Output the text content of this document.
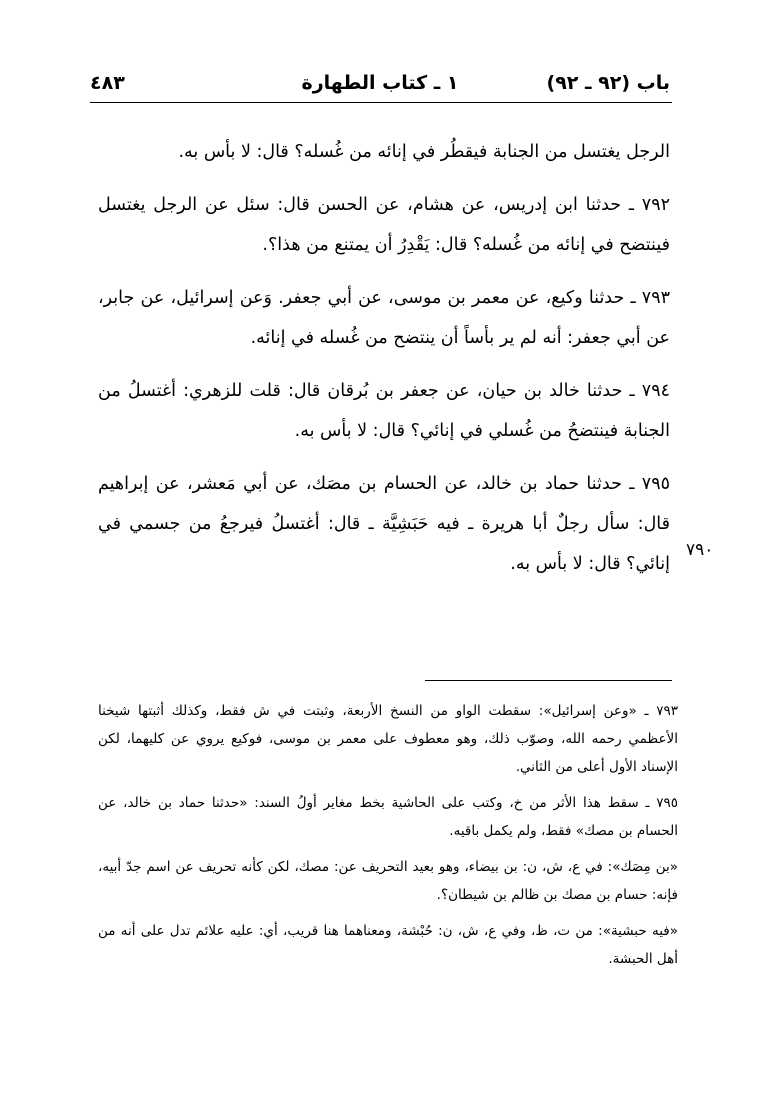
باب (٩٢ ـ ٩٢)
١ ـ كتاب الطهارة
٤٨٣

الرجل يغتسل من الجنابة فيقطُر في إنائه من غُسله؟ قال: لا بأس به.

٧٩٢ ـ حدثنا ابن إدريس، عن هشام، عن الحسن قال: سئل عن الرجل يغتسل فينتضح في إنائه من غُسله؟ قال: يَقْدِرُ أن يمتنع من هذا؟.

٧٩٣ ـ حدثنا وكيع، عن معمر بن موسى، عن أبي جعفر. وَعن إسرائيل، عن جابر، عن أبي جعفر: أنه لم ير بأساً أن ينتضح من غُسله في إنائه.

٧٩٤ ـ حدثنا خالد بن حيان، عن جعفر بن بُرقان قال: قلت للزهري: أغتسلُ من الجنابة فينتضحُ من غُسلي في إنائي؟ قال: لا بأس به.

٧٩٥ ـ حدثنا حماد بن خالد، عن الحسام بن مصَك، عن أبي مَعشر، عن إبراهيم قال: سأل رجلٌ أبا هريرة ـ فيه حَبَشِيَّة ـ قال: أغتسلُ فيرجعُ من جسمي في إنائي؟ قال: لا بأس به.

٧٩٠

٧٩٣ ـ «وعن إسرائيل»: سقطت الواو من النسخ الأربعة، وثبتت في ش فقط، وكذلك أثبتها شيخنا الأعظمي رحمه الله، وصوّب ذلك، وهو معطوف على معمر بن موسى، فوكيع يروي عن كليهما، لكن الإسناد الأول أعلى من الثاني.

٧٩٥ ـ سقط هذا الأثر من خ، وكتب على الحاشية بخط مغاير أولُ السند: «حدثنا حماد بن خالد، عن الحسام بن مصك» فقط، ولم يكمل باقيه.

«بن مِصَك»: في ع، ش، ن: بن بيضاء، وهو بعيد التحريف عن: مصك، لكن كأنه تحريف عن اسم جدّ أبيه، فإنه: حسام بن مصك بن ظالم بن شيطان؟.

«فيه حبشية»: من ت، ظ، وفي ع، ش، ن: حُبْشة، ومعناهما هنا قريب، أي: عليه علائم تدل على أنه من أهل الحبشة.
